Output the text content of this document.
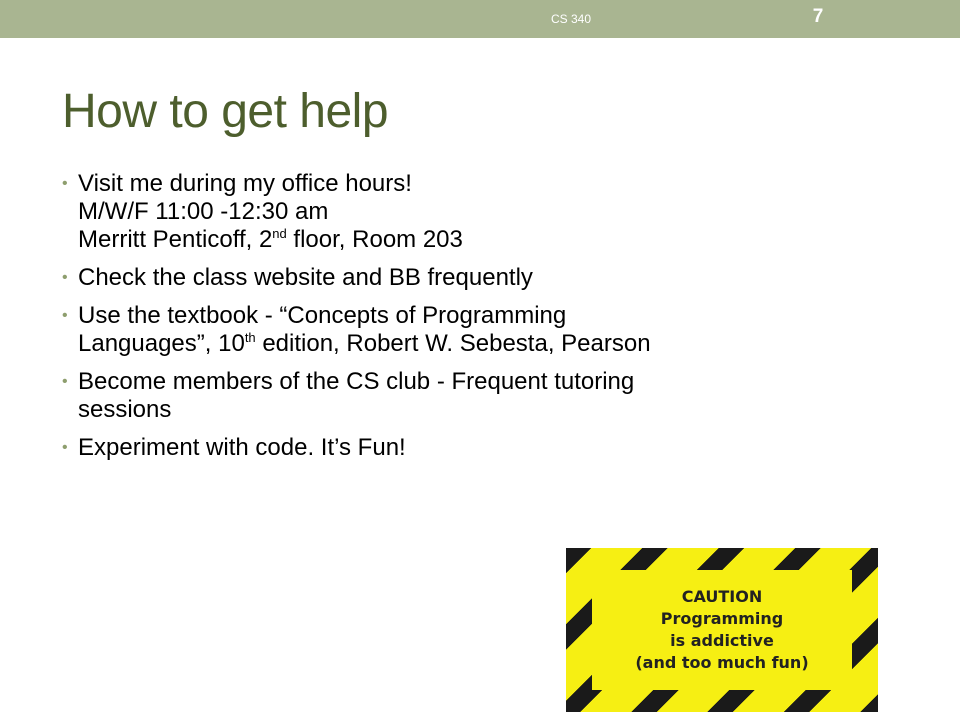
CS 340	7
How to get help
• Visit me during my office hours!
M/W/F 11:00 -12:30 am
Merritt Penticoff, 2nd floor, Room 203
• Check the class website and BB frequently
• Use the textbook - “Concepts of Programming
Languages”, 10th edition, Robert W. Sebesta, Pearson
• Become members of the CS club - Frequent tutoring
sessions
• Experiment with code. It’s Fun!
CAUTION
Programming
is addictive
(and too much fun)
